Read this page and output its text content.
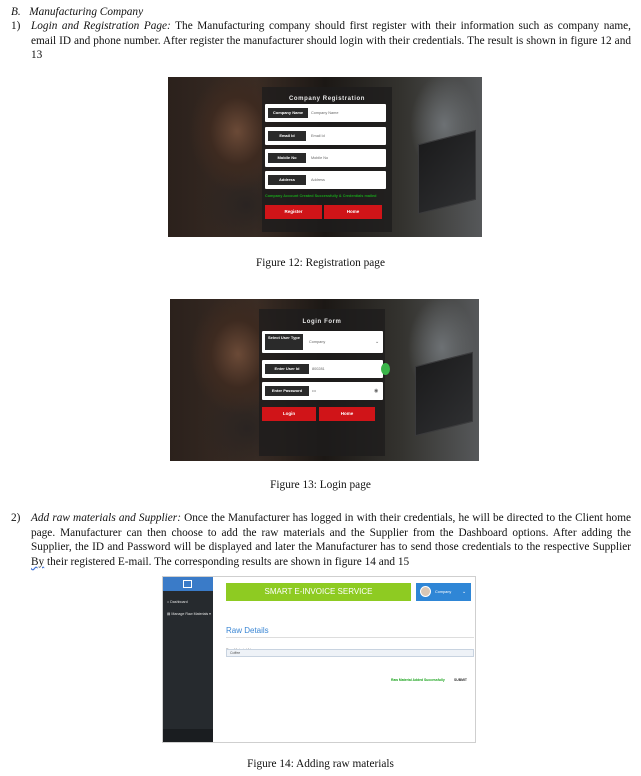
B.   Manufacturing Company
1) Login and Registration Page: The Manufacturing company should first register with their information such as company name, email ID and phone number. After register the manufacturer should login with their credentials. The result is shown in figure 12 and 13
Company Registration
Company Name	Company Name
Email Id	Email Id
Mobile No	Mobile No
Address	Address
Company Account Created Successfully & Credentials mailed
Register	Home
Figure 12: Registration page
Login Form
Select User Type
Company	⌄
Enter User Id	800281
Enter Password	•••	◉
Login	Home
Figure 13: Login page
2) Add raw materials and Supplier: Once the Manufacturer has logged in with their credentials, he will be directed to the Client home page. Manufacturer can then choose to add the raw materials and the Supplier from the Dashboard options. After adding the Supplier, the ID and Password will be displayed and later the Manufacturer has to send those credentials to the respective Supplier By their registered E-mail. The corresponding results are shown in figure 14 and 15
⌂ Dashboard
▤ Manage Raw Materials ▾
SMART E-INVOICE SERVICE	Company ⌄
Raw Details
Coffee
Raw Material Added Successfully	SUBMIT
Figure 14: Adding raw materials
